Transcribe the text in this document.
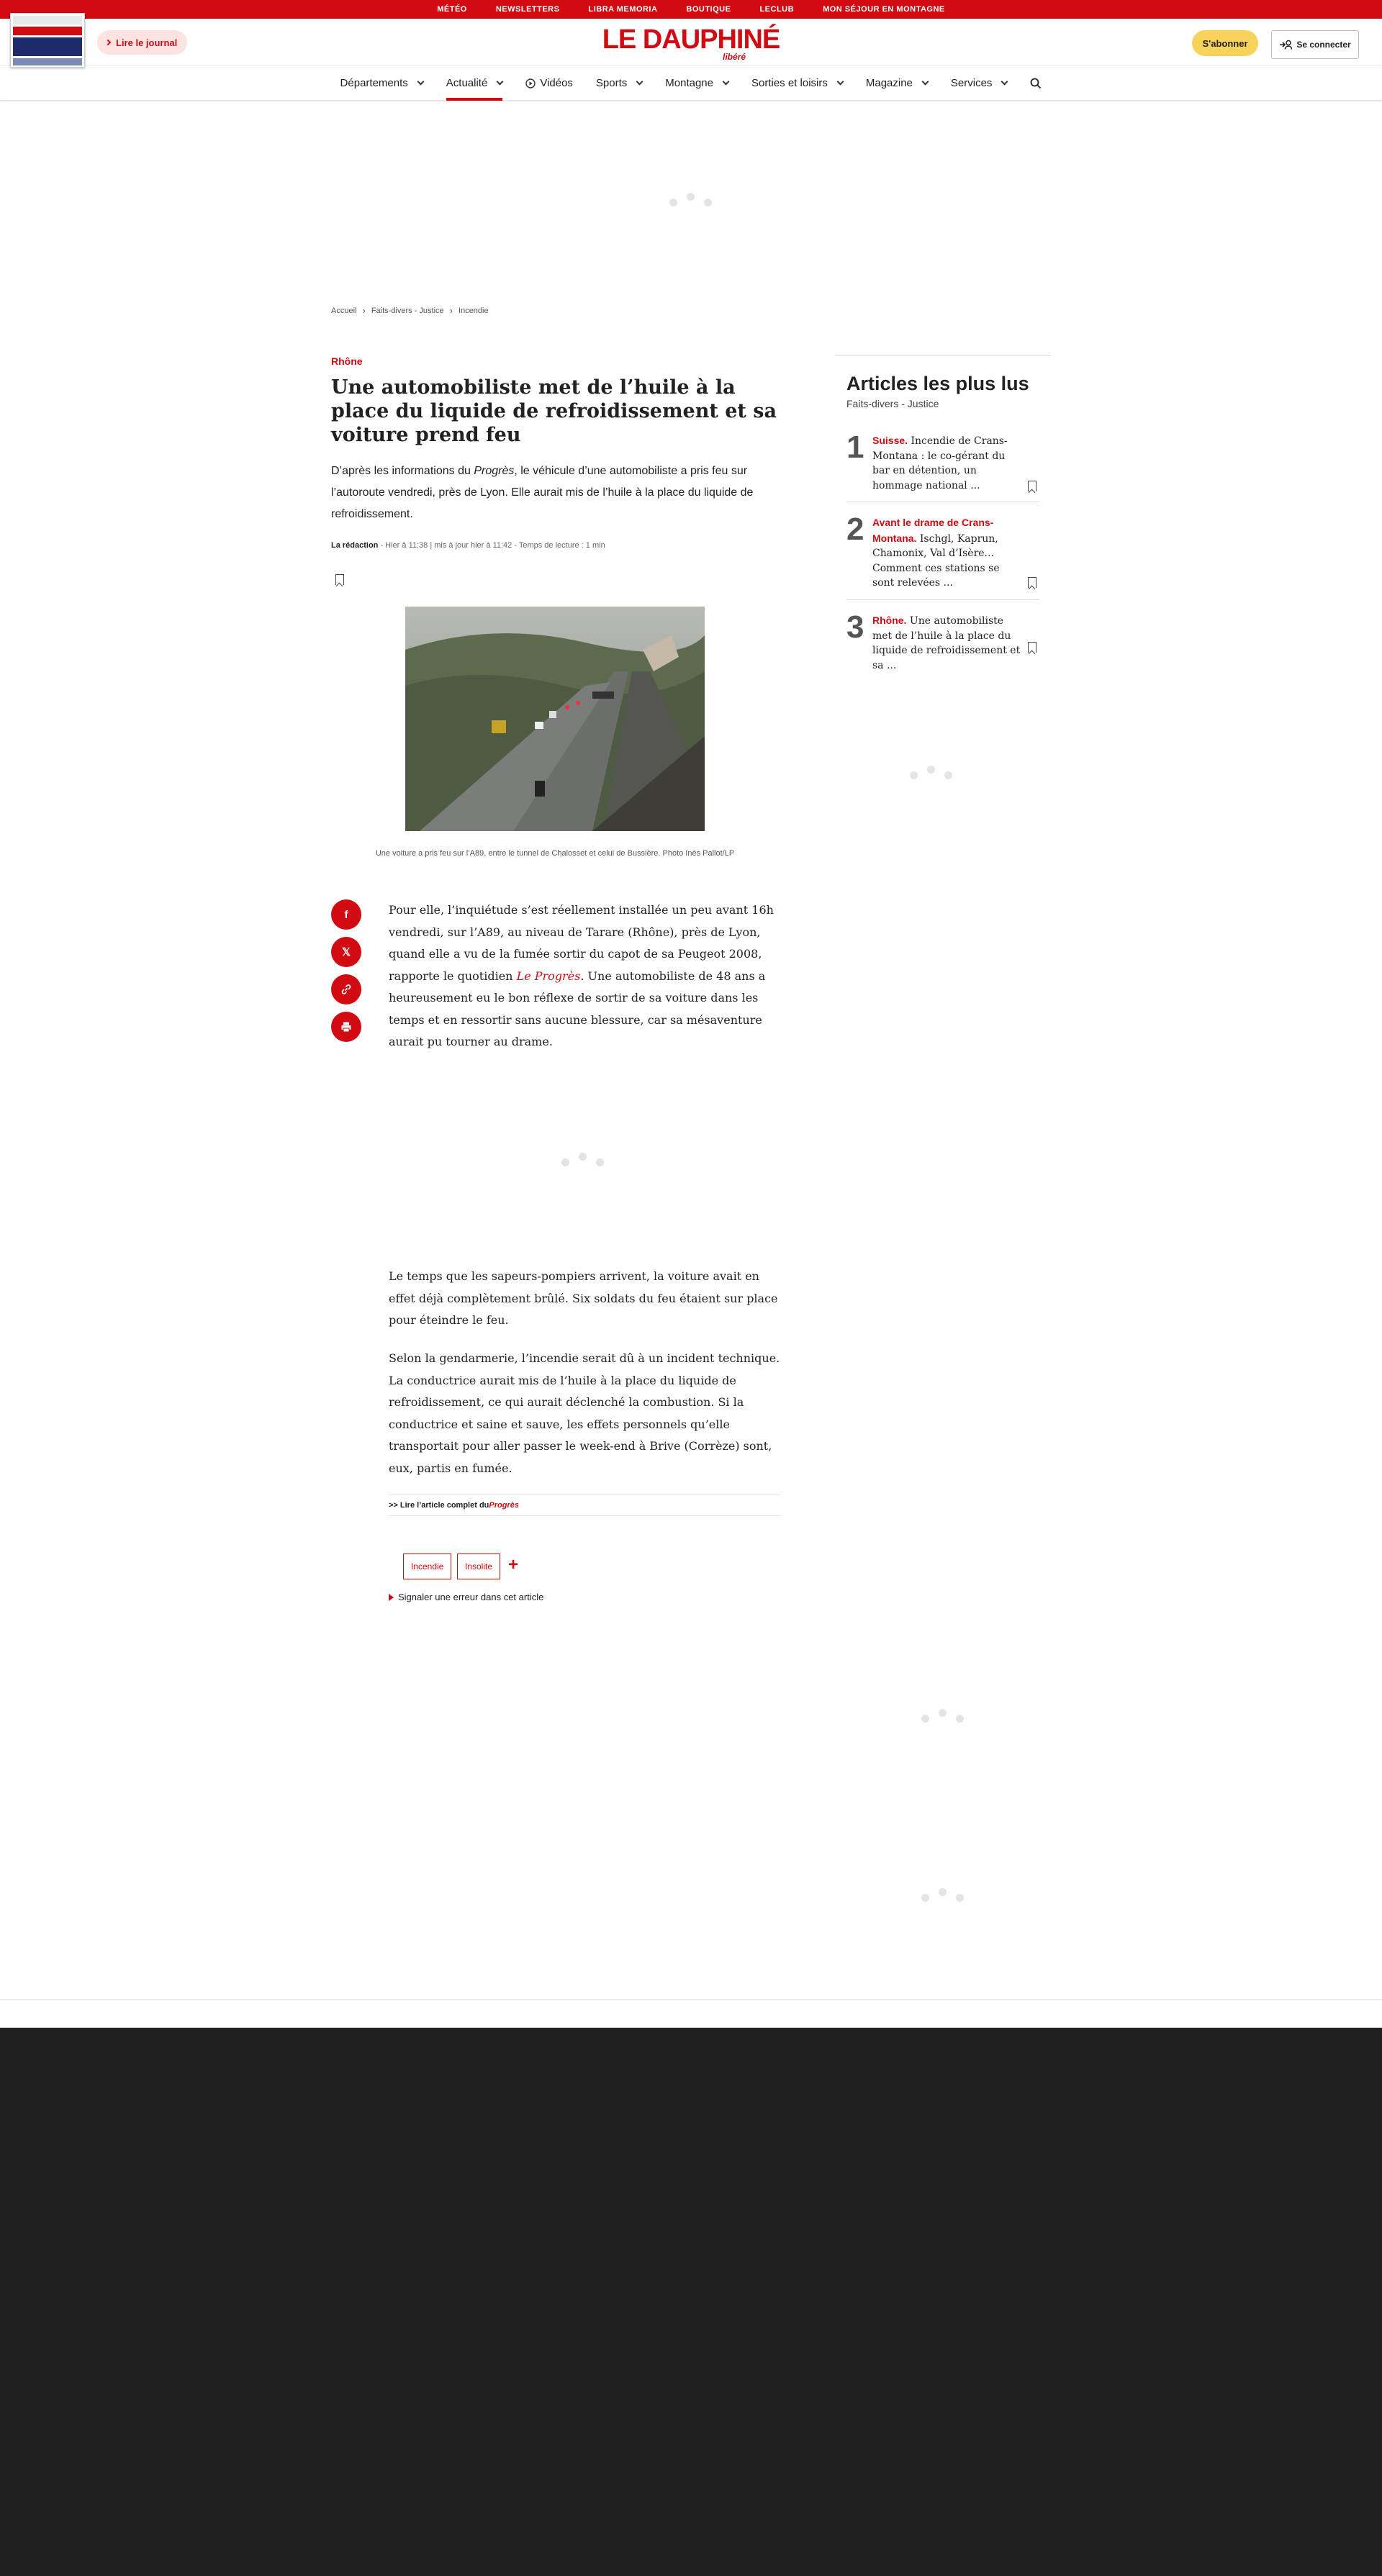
MÉTÉO	NEWSLETTERS	LIBRA MEMORIA	BOUTIQUE	LECLUB	MON SÉJOUR EN MONTAGNE
LE DAUPHINÉ
libéré
Lire le journal	S'abonner	Se connecter
Départements	Actualité	Vidéos Sports	Montagne	Sorties et loisirs	Magazine	Services
Accueil › Faits-divers - Justice › Incendie
Rhône
Une automobiliste met de l’huile à la place du liquide de refroidissement et sa voiture prend feu

D’après les informations du Progrès, le véhicule d’une automobiliste a pris feu sur l’autoroute vendredi, près de Lyon. Elle aurait mis de l’huile à la place du liquide de refroidissement.

La rédaction - Hier à 11:38 | mis à jour hier à 11:42 - Temps de lecture : 1 min
Une voiture a pris feu sur l’A89, entre le tunnel de Chalosset et celui de Bussière. Photo Inès Pallot/LP
f
𝕏

Pour elle, l’inquiétude s’est réellement installée un peu avant 16h vendredi, sur l’A89, au niveau de Tarare (Rhône), près de Lyon, quand elle a vu de la fumée sortir du capot de sa Peugeot 2008, rapporte le quotidien Le Progrès. Une automobiliste de 48 ans a heureusement eu le bon réflexe de sortir de sa voiture dans les temps et en ressortir sans aucune blessure, car sa mésaventure aurait pu tourner au drame.

Le temps que les sapeurs-pompiers arrivent, la voiture avait en effet déjà complètement brûlé. Six soldats du feu étaient sur place pour éteindre le feu.

Selon la gendarmerie, l’incendie serait dû à un incident technique. La conductrice aurait mis de l’huile à la place du liquide de refroidissement, ce qui aurait déclenché la combustion. Si la conductrice et saine et sauve, les effets personnels qu’elle transportait pour aller passer le week-end à Brive (Corrèze) sont, eux, partis en fumée.

>> Lire l’article complet du Progrès
Incendie	Insolite +
Signaler une erreur dans cet article
Articles les plus lus
Faits-divers - Justice
1 Suisse. Incendie de Crans-Montana : le co-gérant du bar en détention, un hommage national ...
2 Avant le drame de Crans-Montana. Ischgl, Kaprun, Chamonix, Val d’Isère... Comment ces stations se sont relevées ...
3 Rhône. Une automobiliste met de l’huile à la place du liquide de refroidissement et sa ...
